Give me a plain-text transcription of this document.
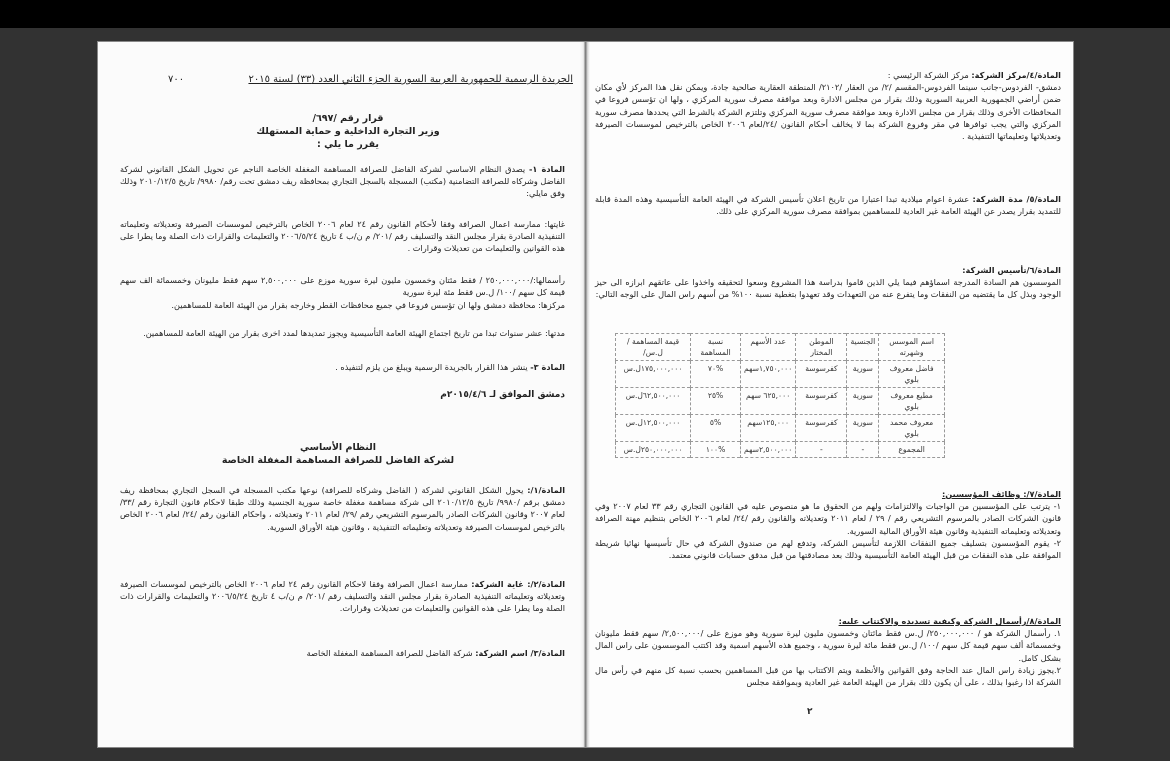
الجريدة الرسمية للجمهورية العربية السورية الجزء الثاني العدد (٣٣) لسنة ٢٠١٥
٧٠٠
قرار رقم /٦٩٧/
وزير التجارة الداخلية و حماية المستهلك
يقرر ما يلي :
المادة ١- يصدق النظام الاساسي لشركة الفاضل للصرافة المساهمة المغفلة الخاصة الناجم عن تحويل الشكل القانوني لشركة الفاضل وشركاه للصرافة التضامنية (مكتب) المسجلة بالسجل التجاري بمحافظة ريف دمشق تحت رقم/ ٩٩٨٠/ تاريخ ٢٠١٠/١٢/٥ وذلك وفق مايلي:
غايتها: ممارسة اعمال الصرافة وفقا لأحكام القانون رقم ٢٤ لعام ٢٠٠٦ الخاص بالترخيص لموسسات الصيرفة وتعديلاته وتعليماته التنفيذية الصادرة بقرار مجلس النقد والتسليف رقم /٢٠١/ م ن/ب ٤ تاريخ ٢٠٠٦/٥/٢٤ والتعليمات والقرارات ذات الصلة وما يطرا على هذه القوانين والتعليمات من تعديلات وقرارات .
رأسمالها:/٢٥٠,٠٠٠,٠٠٠ / فقط مئتان وخمسون مليون ليرة سورية موزع على ٢,٥٠٠,٠٠٠ سهم فقط مليونان وخمسمائة الف سهم قيمة كل سهم /١٠٠/ ل.س فقط مئة ليرة سورية
مركزها: محافظة دمشق ولها ان تؤسس فروعا في جميع محافظات القطر وخارجه بقرار من الهيئة العامة للمساهمين.
مدتها: عشر سنوات تبدا من تاريخ اجتماع الهيئة العامة التأسيسية ويجوز تمديدها لمدد اخرى بقرار من الهيئة العامة للمساهمين.
المادة ٣- ينشر هذا القرار بالجريدة الرسمية ويبلغ من يلزم لتنفيذه .
دمشق الموافق لـ ٢٠١٥/٤/٦م
النظام الأساسي
لشركة الفاضل للصرافة المساهمة المغفلة الخاصة
المادة/١/: يحول الشكل القانوني لشركة ( الفاضل وشركاه للصرافة) نوعها مكتب المسجلة في السجل التجاري بمحافظة ريف دمشق برقم /٩٩٨٠/ تاريخ ٢٠١٠/١٢/٥ الى شركة مساهمة مغفلة خاصة سورية الجنسية وذلك طبقا لاحكام قانون التجارة رقم /٣٣/ لعام ٢٠٠٧ وقانون الشركات الصادر بالمرسوم التشريعي رقم /٢٩/ لعام ٢٠١١ وتعديلاته ، واحكام القانون رقم /٢٤/ لعام ٢٠٠٦ الخاص بالترخيص لموسسات الصيرفة وتعديلاته وتعليماته التنفيذية ، وقانون هيئة الأوراق السورية.
المادة/٢/: غاية الشركة: ممارسة اعمال الصرافة وفقا لاحكام القانون رقم ٢٤ لعام ٢٠٠٦ الخاص بالترخيص لموسسات الصيرفة وتعديلاته وتعليماته التنفيذية الصادرة بقرار مجلس النقد والتسليف رقم /٢٠١/ م ن/ب ٤ تاريخ ٢٠٠٦/٥/٢٤ والتعليمات والقرارات ذات الصلة وما يطرا على هذه القوانين والتعليمات من تعديلات وقرارات.
المادة/٣/ اسم الشركة: شركة الفاضل للصرافة المساهمة المغفلة الخاصة
المادة/٤/مركز الشركة: مركز الشركة الرئيسي :
دمشق- الفردوس-جانب سينما الفردوس-المقسم /٢/ من العقار /٢١٠٢/ المنطقة العقارية صالحية جادة، ويمكن نقل هذا المركز لأي مكان ضمن أراضي الجمهورية العربية السورية وذلك بقرار من مجلس الادارة وبعد موافقة مصرف سورية المركزي ، ولها ان تؤسس فروعا في المحافظات الأخرى وذلك بقرار من مجلس الادارة وبعد موافقة مصرف سورية المركزي وتلتزم الشركة بالشرط التي يحددها مصرف سورية المركزي والتي يجب توافرها في مقر وفروع الشركة بما لا يخالف أحكام القانون /٢٤/لعام ٢٠٠٦ الخاص بالترخيص لموسسات الصيرفة وتعديلاتها وتعليماتها التنفيذية .
المادة/٥/ مدة الشركة: عشرة اعوام ميلادية تبدا اعتبارا من تاريخ اعلان تأسيس الشركة في الهيئة العامة التأسيسية وهذه المدة قابلة للتمديد بقرار يصدر عن الهيئة العامة غير العادية للمساهمين بموافقة مصرف سورية المركزي على ذلك.
المادة/٦/تأسيس الشركة:
الموسسون هم السادة المدرجة اسماؤهم فيما يلي الذين قاموا بدراسة هذا المشروع وسعوا لتحقيقه واخذوا على عاتقهم ابرازه الى حيز الوجود وبذل كل ما يقتضيه من النفقات وما يتفرع عنه من التعهدات وقد تعهدوا بتغطية نسبة ١٠٠% من أسهم راس المال على الوجه التالي:
اسم الموسس وشهرته	الجنسية	الموطن المختار	عدد الأسهم	نسبة المساهمة	قيمة المساهمة /ل.س/
فاضل معروف بلوي	سورية	كفرسوسة	١,٧٥٠,٠٠٠سهم	%٧٠	١٧٥,٠٠٠,٠٠٠ل.س
مطيع معروف بلوي	سورية	كفرسوسة	٦٢٥,٠٠٠ سهم	%٢٥	٦٢,٥٠٠,٠٠٠ل.س
معروف محمد بلوي	سورية	كفرسوسة	١٢٥,٠٠٠سهم	%٥	١٢,٥٠٠,٠٠٠ل.س
المجموع	-	-	٢,٥٠٠,٠٠٠سهم	%١٠٠	٢٥٠,٠٠٠,٠٠٠ل.س
المادة/٧/: وظائف المؤسسين:
١- يترتب على المؤسسين من الواجبات والالتزامات ولهم من الحقوق ما هو منصوص عليه في القانون التجاري رقم ٣٣ لعام ٢٠٠٧ وفي قانون الشركات الصادر بالمرسوم التشريعي رقم / ٢٩ / لعام ٢٠١١ وتعديلاته والقانون رقم /٢٤/ لعام ٢٠٠٦ الخاص بتنظيم مهنة الصرافة وتعديلاته وتعليماته التنفيذية وقانون هيئة الأوراق المالية السورية.
٢- يقوم المؤسسون بتسليف جميع النفقات اللازمة لتأسيس الشركة، وتدفع لهم من صندوق الشركة في حال تأسيسها نهائيا شريطة الموافقة على هذه النفقات من قبل الهيئة العامة التأسيسية وذلك بعد مصادقتها من قبل مدقق حسابات قانوني معتمد.
المادة/٨/رأسمال الشركة وكيفية تسديده والاكتتاب عليه:
١. رأسمال الشركة هو / ٢٥٠,٠٠٠,٠٠٠/ ل.س فقط مائتان وخمسون مليون ليرة سورية وهو موزع على /٢,٥٠٠,٠٠٠/ سهم فقط مليونان وخمسمائة ألف سهم قيمة كل سهم /١٠٠/ ل.س فقط مائة ليرة سورية ، وجميع هذه الأسهم اسمية وقد اكتتب الموسسون على راس المال بشكل كامل.
٢.يجوز زيادة راس المال عند الحاجة وفق القوانين والأنظمة ويتم الاكتتاب بها من قبل المساهمين بحسب نسبة كل منهم في رأس مال الشركة اذا رغبوا بذلك ، على أن يكون ذلك بقرار من الهيئة العامة غير العادية وبموافقة مجلس
٢
